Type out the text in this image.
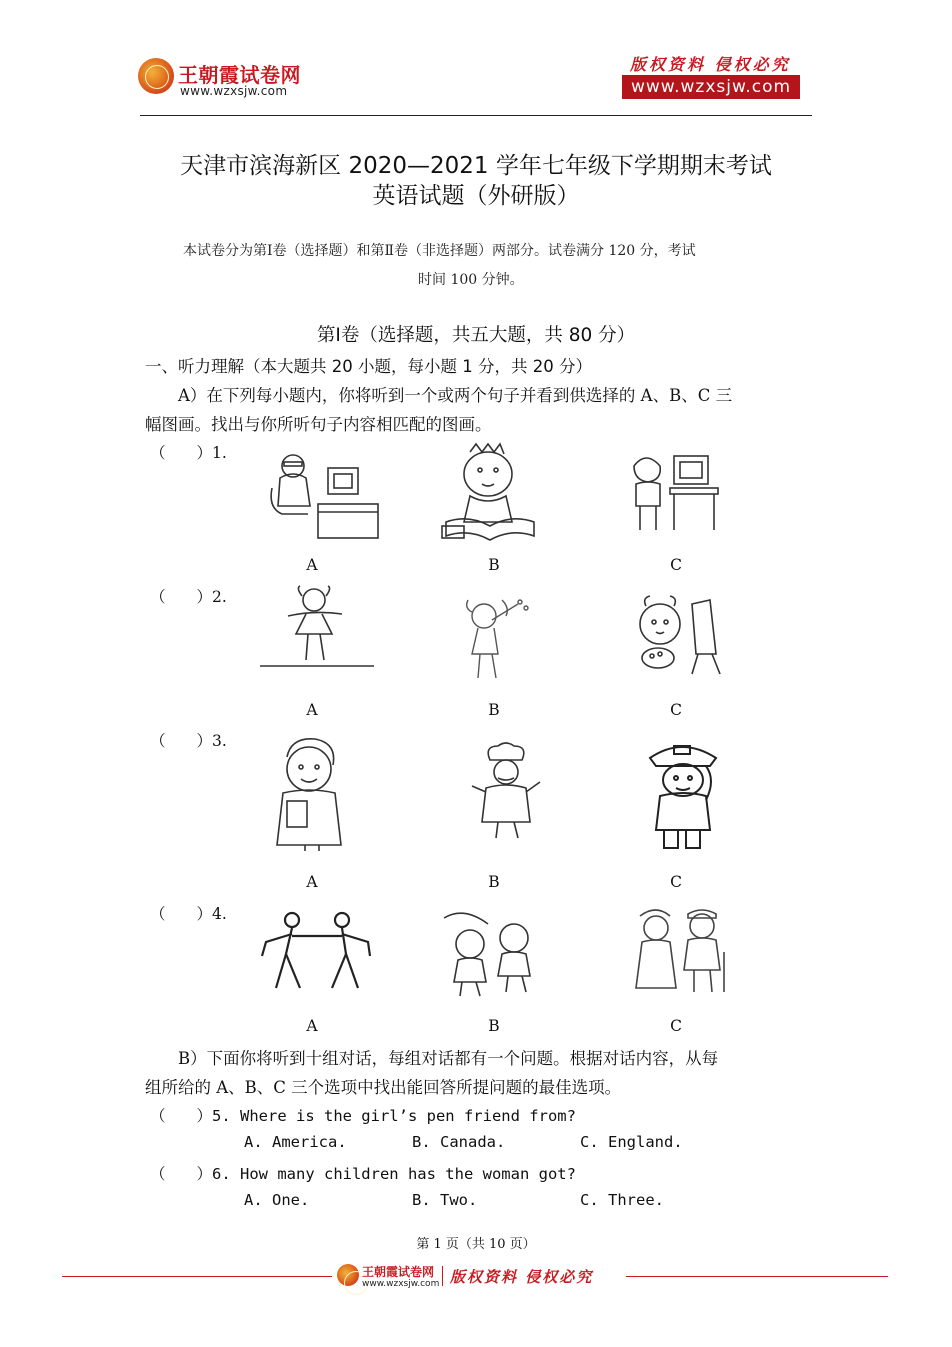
王朝霞试卷网
www.wzxsjw.com
版权资料 侵权必究
www.wzxsjw.com
天津市滨海新区 2020—2021 学年七年级下学期期末考试
英语试题（外研版）
本试卷分为第Ⅰ卷（选择题）和第Ⅱ卷（非选择题）两部分。试卷满分 120 分，考试
时间 100 分钟。
第Ⅰ卷（选择题，共五大题，共 80 分）
一、听力理解（本大题共 20 小题，每小题 1 分，共 20 分）
A）在下列每小题内，你将听到一个或两个句子并看到供选择的 A、B、C 三
幅图画。找出与你所听句子内容相匹配的图画。
（　　）1.
A	B	C
（　　）2.
A	B	C
（　　）3.
A	B	C
（　　）4.
A	B	C
B）下面你将听到十组对话，每组对话都有一个问题。根据对话内容，从每
组所给的 A、B、C 三个选项中找出能回答所提问题的最佳选项。
（　　）5. Where is the girl’s pen friend from?
A. America.	B. Canada.	C. England.
（　　）6. How many children has the woman got?
A. One.	B. Two.	C. Three.
第 1 页（共 10 页）
王朝霞试卷网
www.wzxsjw.com 版权资料 侵权必究
